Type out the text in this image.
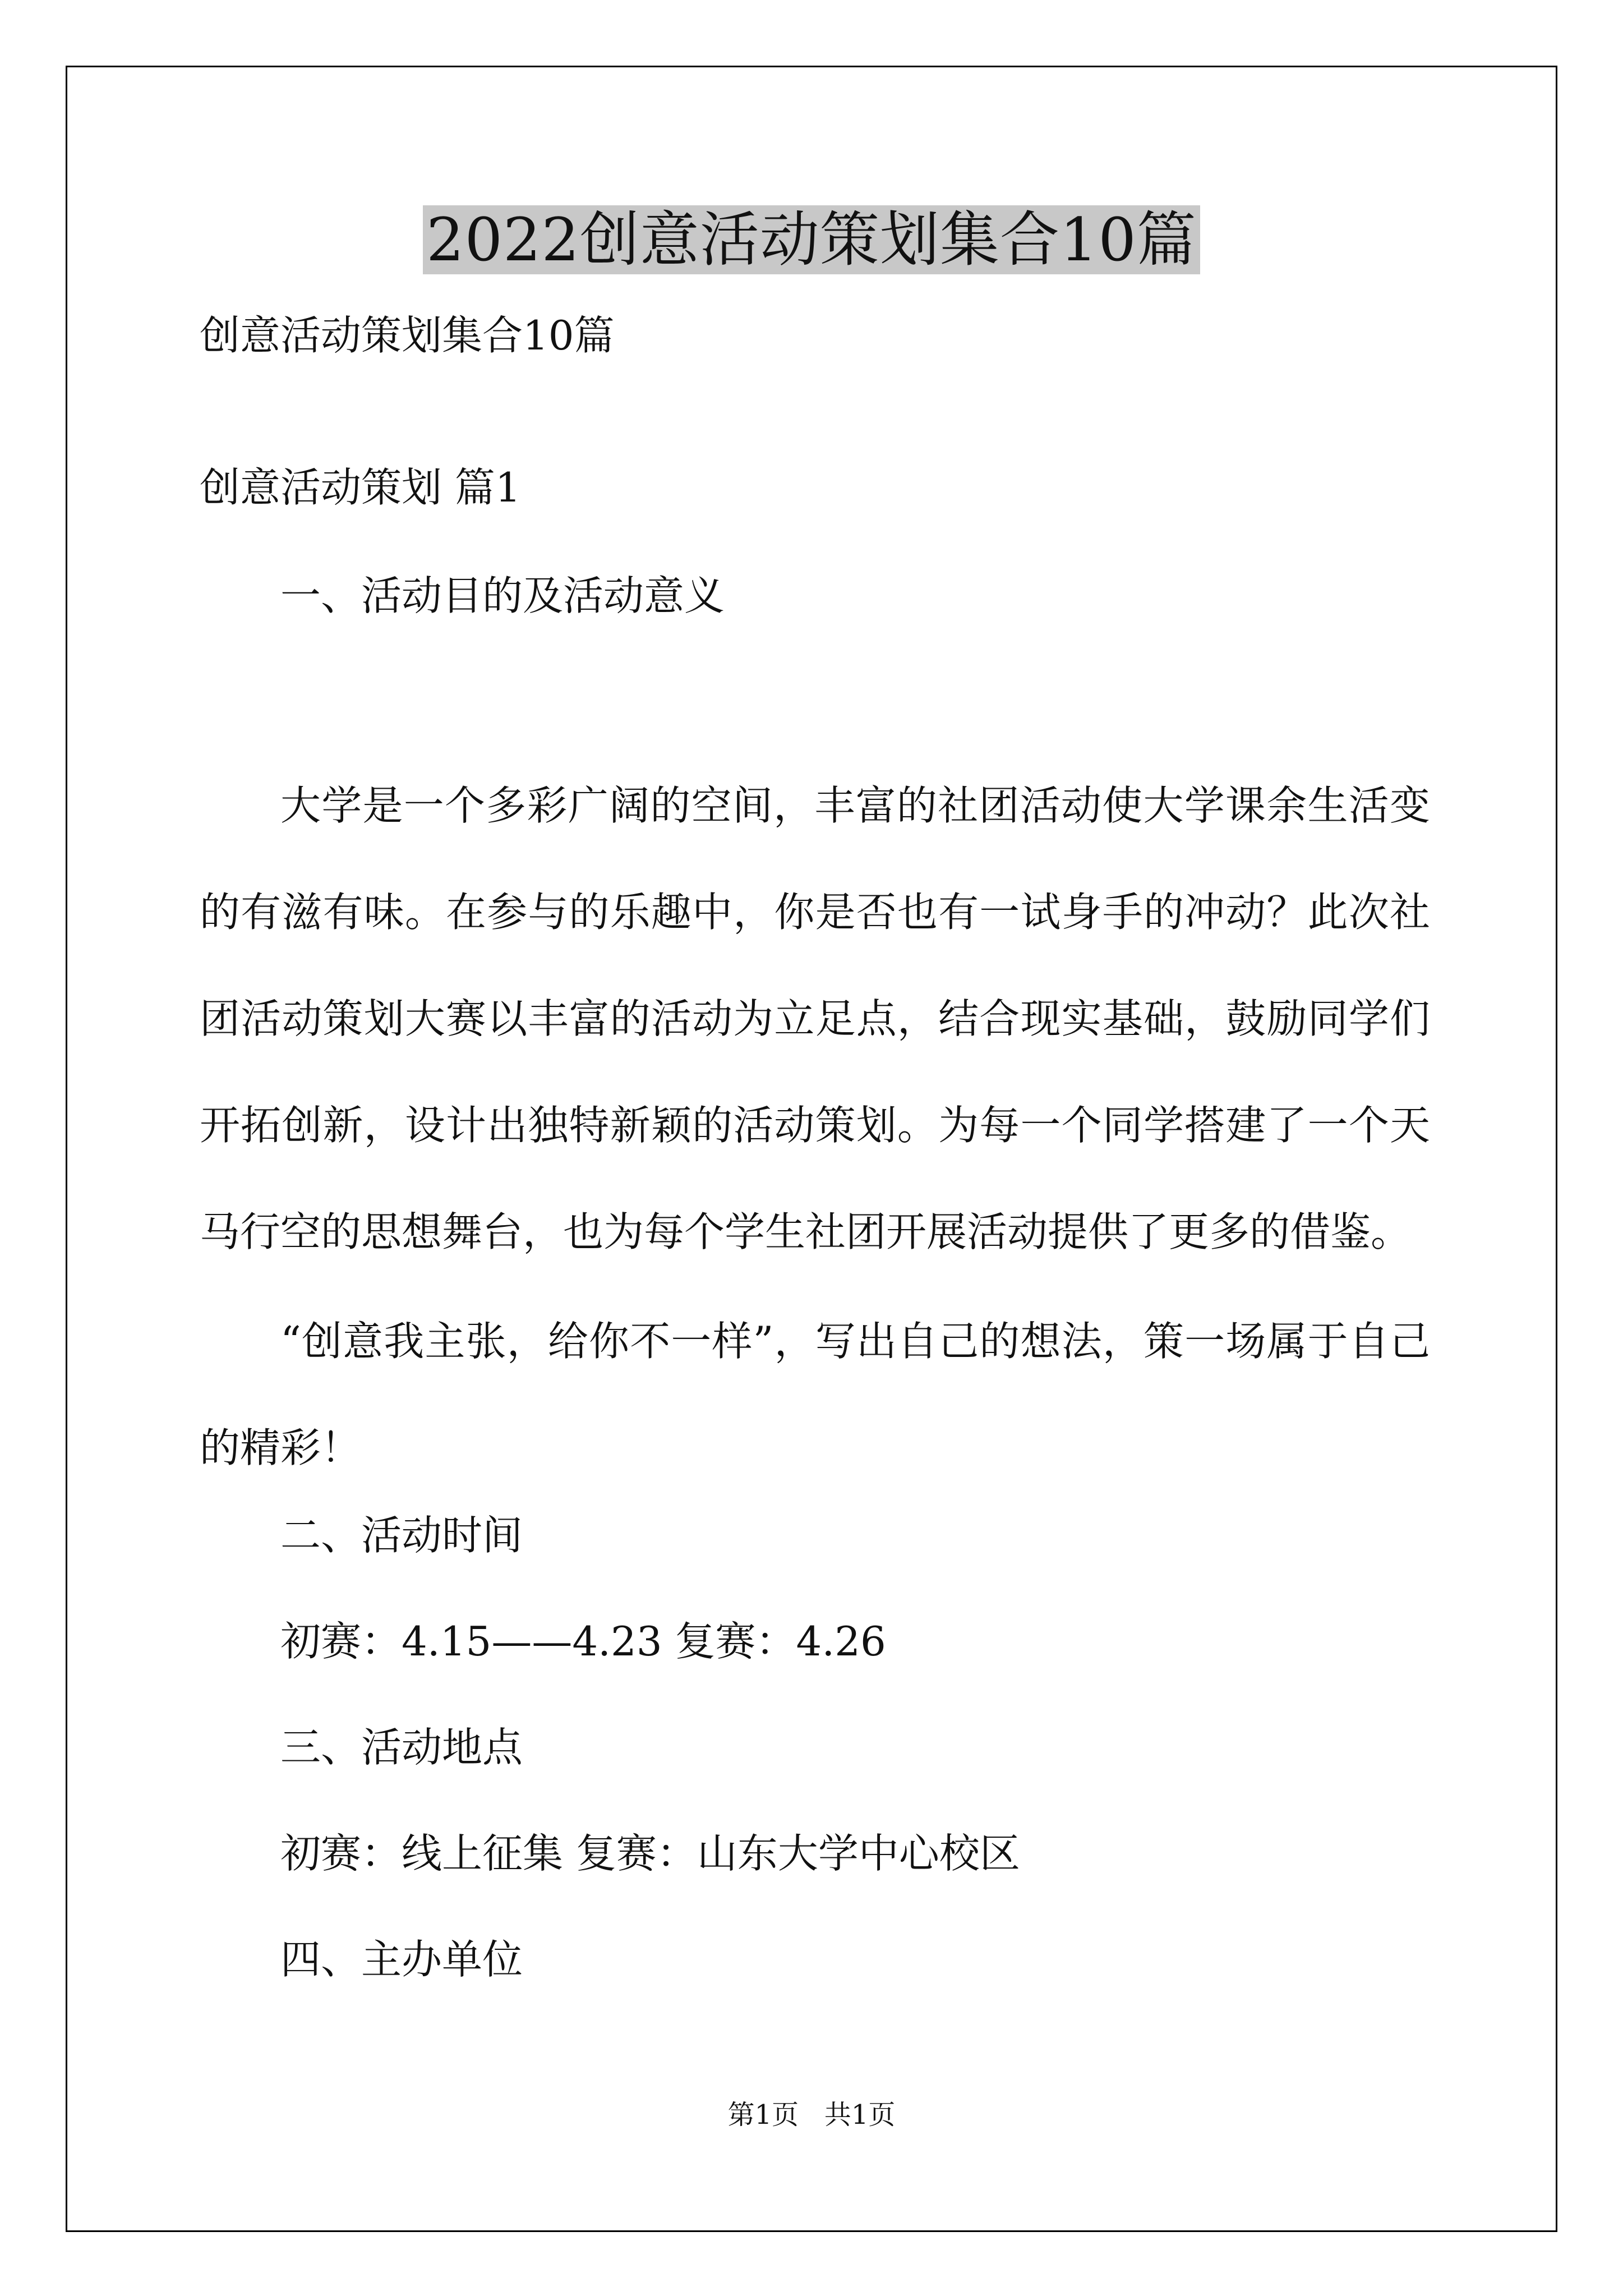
2022创意活动策划集合10篇
创意活动策划集合10篇
创意活动策划 篇1
一、活动目的及活动意义
大学是一个多彩广阔的空间，丰富的社团活动使大学课余生活变的有滋有味。在参与的乐趣中，你是否也有一试身手的冲动？此次社团活动策划大赛以丰富的活动为立足点，结合现实基础，鼓励同学们开拓创新，设计出独特新颖的活动策划。为每一个同学搭建了一个天马行空的思想舞台，也为每个学生社团开展活动提供了更多的借鉴。
“创意我主张，给你不一样”，写出自己的想法，策一场属于自己的精彩！
二、活动时间
初赛：4.15——4.23 复赛：4.26
三、活动地点
初赛：线上征集 复赛：山东大学中心校区
四、主办单位
第1页   共1页
